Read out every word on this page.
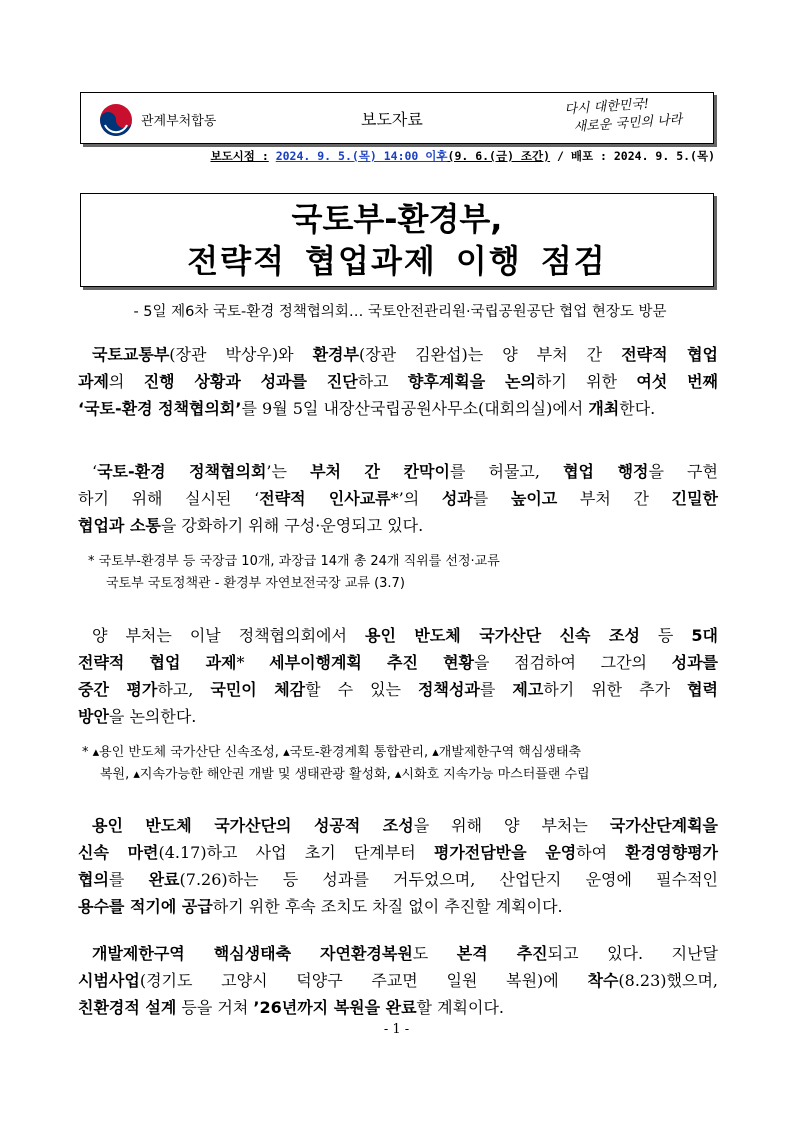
관계부처합동	보도자료
다시 대한민국!
새로운 국민의 나라
보도시점 : 2024. 9. 5.(목) 14:00 이후(9. 6.(금) 조간) / 배포 : 2024. 9. 5.(목)
국토부-환경부,
전략적 협업과제 이행 점검
- 5일 제6차 국토-환경 정책협의회… 국토안전관리원·국립공원공단 협업 현장도 방문
국토교통부(장관 박상우)와 환경부(장관 김완섭)는 양 부처 간 전략적 협업
과제의 진행 상황과 성과를 진단하고 향후계획을 논의하기 위한 여섯 번째
‘국토-환경 정책협의회’를 9월 5일 내장산국립공원사무소(대회의실)에서 개최한다.
‘국토-환경 정책협의회’는 부처 간 칸막이를 허물고, 협업 행정을 구현
하기 위해 실시된 ‘전략적 인사교류*’의 성과를 높이고 부처 간 긴밀한
협업과 소통을 강화하기 위해 구성·운영되고 있다.
* 국토부-환경부 등 국장급 10개, 과장급 14개 총 24개 직위를 선정·교류
국토부 국토정책관 - 환경부 자연보전국장 교류 (3.7)
양 부처는 이날 정책협의회에서 용인 반도체 국가산단 신속 조성 등 5대
전략적 협업 과제* 세부이행계획 추진 현황을 점검하여 그간의 성과를
중간 평가하고, 국민이 체감할 수 있는 정책성과를 제고하기 위한 추가 협력
방안을 논의한다.
* ▴용인 반도체 국가산단 신속조성, ▴국토-환경계획 통합관리, ▴개발제한구역 핵심생태축
복원, ▴지속가능한 해안권 개발 및 생태관광 활성화, ▴시화호 지속가능 마스터플랜 수립
용인 반도체 국가산단의 성공적 조성을 위해 양 부처는 국가산단계획을
신속 마련(4.17)하고 사업 초기 단계부터 평가전담반을 운영하여 환경영향평가
협의를 완료(7.26)하는 등 성과를 거두었으며, 산업단지 운영에 필수적인
용수를 적기에 공급하기 위한 후속 조치도 차질 없이 추진할 계획이다.
개발제한구역 핵심생태축 자연환경복원도 본격 추진되고 있다. 지난달
시범사업(경기도 고양시 덕양구 주교면 일원 복원)에 착수(8.23)했으며,
친환경적 설계 등을 거쳐 ’26년까지 복원을 완료할 계획이다.
- 1 -
